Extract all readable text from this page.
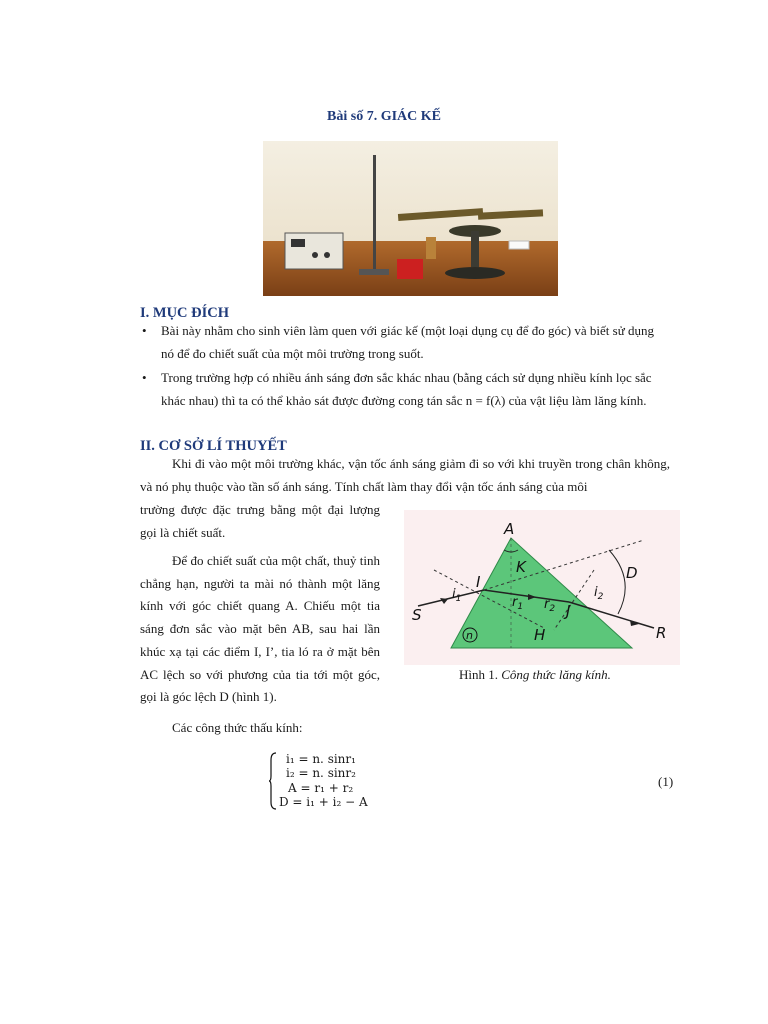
Bài số 7. GIÁC KẾ
I. MỤC ĐÍCH
• Bài này nhằm cho sinh viên làm quen với giác kế (một loại dụng cụ để đo góc) và biết sử dụng nó để đo chiết suất của một môi trường trong suốt.
• Trong trường hợp có nhiều ánh sáng đơn sắc khác nhau (bằng cách sử dụng nhiều kính lọc sắc khác nhau) thì ta có thể khảo sát được đường cong tán sắc n = f(λ) của vật liệu làm lăng kính.
II. CƠ SỞ LÍ THUYẾT
Khi đi vào một môi trường khác, vận tốc ánh sáng giảm đi so với khi truyền trong chân không, và nó phụ thuộc vào tần số ánh sáng. Tính chất làm thay đổi vận tốc ánh sáng của môi
trường được đặc trưng bằng một đại lượng gọi là chiết suất.
Để đo chiết suất của một chất, thuỷ tinh chẳng hạn, người ta mài nó thành một lăng kính với góc chiết quang A. Chiếu một tia sáng đơn sắc vào mặt bên AB, sau hai lần khúc xạ tại các điểm I, I’, tia ló ra ở mặt bên AC lệch so với phương của tia tới một góc, gọi là góc lệch D (hình 1).
Các công thức thấu kính:
A
K	D
I
S
R
J
H
$i_1$	$i_2$
$r_1$ $r_2$
n
Hình 1. Công thức lăng kính.
i₁ = n. sinr₁
i₂ = n. sinr₂
A = r₁ + r₂
D = i₁ + i₂ − A
(1)
